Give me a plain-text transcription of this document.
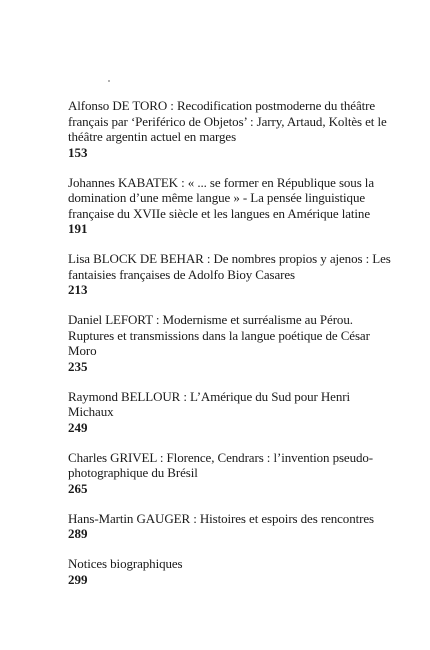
Alfonso DE TORO : Recodification postmoderne du théâtre français par ‘Periférico de Objetos’ : Jarry, Artaud, Koltès et le théâtre argentin actuel en marges
153
Johannes KABATEK : « ... se former en République sous la domination d’une même langue » - La pensée linguistique française du XVIIe siècle et les langues en Amérique latine
191
Lisa BLOCK DE BEHAR : De nombres propios y ajenos : Les fantaisies françaises de Adolfo Bioy Casares
213
Daniel LEFORT : Modernisme et surréalisme au Pérou. Ruptures et transmissions dans la langue poétique de César Moro
235
Raymond BELLOUR : L’Amérique du Sud pour Henri Michaux
249
Charles GRIVEL : Florence, Cendrars : l’invention pseudo-photographique du Brésil
265
Hans-Martin GAUGER : Histoires et espoirs des rencontres
289
Notices biographiques
299
